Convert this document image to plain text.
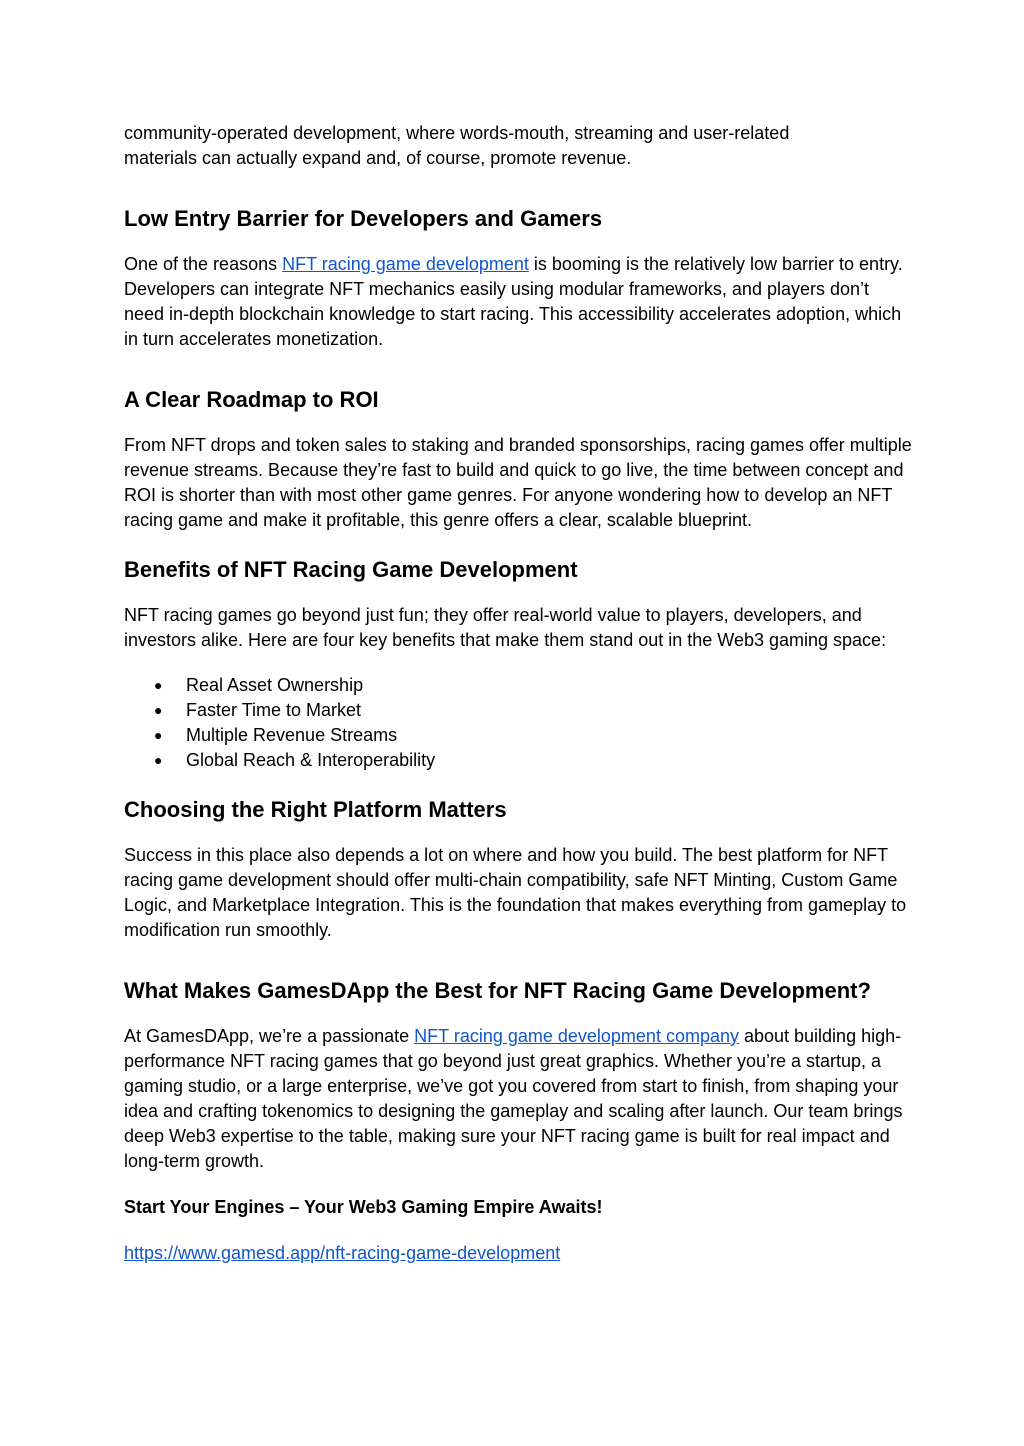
community-operated development, where words-mouth, streaming and user-related
materials can actually expand and, of course, promote revenue.

Low Entry Barrier for Developers and Gamers

One of the reasons NFT racing game development is booming is the relatively low barrier to entry. Developers can integrate NFT mechanics easily using modular frameworks, and players don’t need in-depth blockchain knowledge to start racing. This accessibility accelerates adoption, which in turn accelerates monetization.

A Clear Roadmap to ROI

From NFT drops and token sales to staking and branded sponsorships, racing games offer multiple revenue streams. Because they’re fast to build and quick to go live, the time between concept and ROI is shorter than with most other game genres. For anyone wondering how to develop an NFT racing game and make it profitable, this genre offers a clear, scalable blueprint.

Benefits of NFT Racing Game Development

NFT racing games go beyond just fun; they offer real-world value to players, developers, and investors alike. Here are four key benefits that make them stand out in the Web3 gaming space:

● Real Asset Ownership
● Faster Time to Market
● Multiple Revenue Streams
● Global Reach & Interoperability
Choosing the Right Platform Matters

Success in this place also depends a lot on where and how you build. The best platform for NFT racing game development should offer multi-chain compatibility, safe NFT Minting, Custom Game Logic, and Marketplace Integration. This is the foundation that makes everything from gameplay to modification run smoothly.

What Makes GamesDApp the Best for NFT Racing Game Development?

At GamesDApp, we’re a passionate NFT racing game development company about building high-performance NFT racing games that go beyond just great graphics. Whether you’re a startup, a gaming studio, or a large enterprise, we’ve got you covered from start to finish, from shaping your idea and crafting tokenomics to designing the gameplay and scaling after launch. Our team brings deep Web3 expertise to the table, making sure your NFT racing game is built for real impact and long-term growth.

Start Your Engines – Your Web3 Gaming Empire Awaits!

https://www.gamesd.app/nft-racing-game-development
